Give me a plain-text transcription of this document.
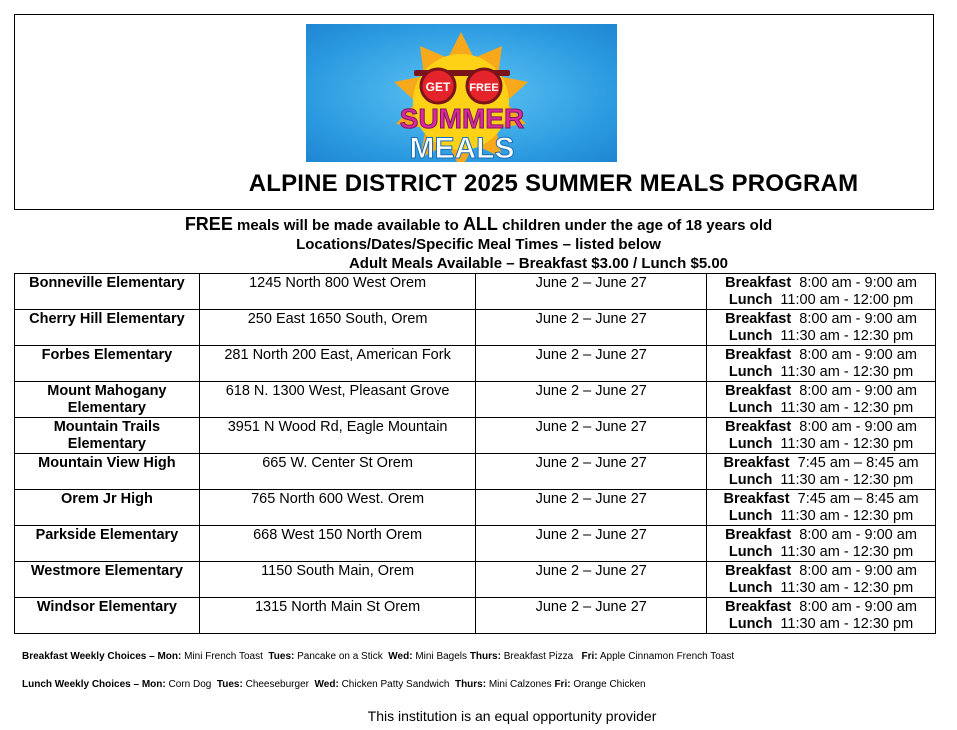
GET FREE
SUMMER
MEALS
ALPINE DISTRICT 2025 SUMMER MEALS PROGRAM
FREE meals will be made available to ALL children under the age of 18 years old
Locations/Dates/Specific Meal Times – listed below
Adult Meals Available – Breakfast $3.00 / Lunch $5.00
Bonneville Elementary	1245 North 800 West Orem	June 2 – June 27	Breakfast 8:00 am - 9:00 am
Lunch 11:00 am - 12:00 pm

Cherry Hill Elementary	250 East 1650 South, Orem	June 2 – June 27	Breakfast 8:00 am - 9:00 am
Lunch 11:30 am - 12:30 pm

Forbes Elementary	281 North 200 East, American Fork	June 2 – June 27	Breakfast 8:00 am - 9:00 am
Lunch 11:30 am - 12:30 pm

Mount Mahogany Elementary	618 N. 1300 West, Pleasant Grove	June 2 – June 27	Breakfast 8:00 am - 9:00 am
Lunch 11:30 am - 12:30 pm

Mountain Trails Elementary	3951 N Wood Rd, Eagle Mountain	June 2 – June 27	Breakfast 8:00 am - 9:00 am
Lunch 11:30 am - 12:30 pm

Mountain View High	665 W. Center St Orem	June 2 – June 27	Breakfast 7:45 am – 8:45 am
Lunch 11:30 am - 12:30 pm

Orem Jr High	765 North 600 West. Orem	June 2 – June 27	Breakfast 7:45 am – 8:45 am
Lunch 11:30 am - 12:30 pm

Parkside Elementary	668 West 150 North Orem	June 2 – June 27	Breakfast 8:00 am - 9:00 am
Lunch 11:30 am - 12:30 pm

Westmore Elementary	1150 South Main, Orem	June 2 – June 27	Breakfast 8:00 am - 9:00 am
Lunch 11:30 am - 12:30 pm

Windsor Elementary	1315 North Main St Orem	June 2 – June 27	Breakfast 8:00 am - 9:00 am
Lunch 11:30 am - 12:30 pm
Breakfast Weekly Choices – Mon: Mini French Toast  Tues: Pancake on a Stick  Wed: Mini Bagels Thurs: Breakfast Pizza   Fri: Apple Cinnamon French Toast
Lunch Weekly Choices – Mon: Corn Dog  Tues: Cheeseburger  Wed: Chicken Patty Sandwich  Thurs: Mini Calzones Fri: Orange Chicken
This institution is an equal opportunity provider
